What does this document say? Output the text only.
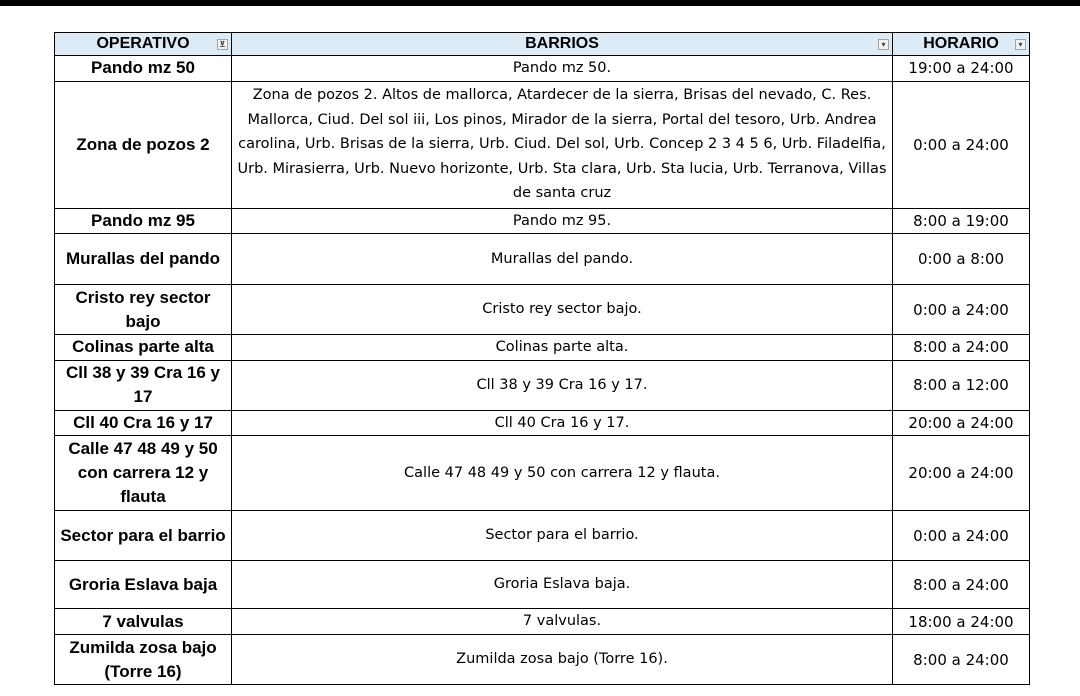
OPERATIVO ⊻	BARRIOS ▾	HORARIO ▾

Pando mz 50	Pando mz 50.	19:00 a 24:00
Zona de pozos 2	Zona de pozos 2. Altos de mallorca, Atardecer de la sierra, Brisas del nevado, C. Res. Mallorca, Ciud. Del sol iii, Los pinos, Mirador de la sierra, Portal del tesoro, Urb. Andrea carolina, Urb. Brisas de la sierra, Urb. Ciud. Del sol, Urb. Concep 2 3 4 5 6, Urb. Filadelfia, Urb. Mirasierra, Urb. Nuevo horizonte, Urb. Sta clara, Urb. Sta lucia, Urb. Terranova, Villas de santa cruz	0:00 a 24:00
Pando mz 95	Pando mz 95.	8:00 a 19:00
Murallas del pando	Murallas del pando.	0:00 a 8:00
Cristo rey sector bajo	Cristo rey sector bajo.	0:00 a 24:00
Colinas parte alta	Colinas parte alta.	8:00 a 24:00
Cll 38 y 39 Cra 16 y 17	Cll 38 y 39 Cra 16 y 17.	8:00 a 12:00
Cll 40 Cra 16 y 17	Cll 40 Cra 16 y 17.	20:00 a 24:00
Calle 47 48 49 y 50 con carrera 12 y flauta	Calle 47 48 49 y 50 con carrera 12 y flauta.	20:00 a 24:00
Sector para el barrio	Sector para el barrio.	0:00 a 24:00
Groria Eslava baja	Groria Eslava baja.	8:00 a 24:00
7 valvulas	7 valvulas.	18:00 a 24:00
Zumilda zosa bajo (Torre 16)	Zumilda zosa bajo (Torre 16).	8:00 a 24:00
